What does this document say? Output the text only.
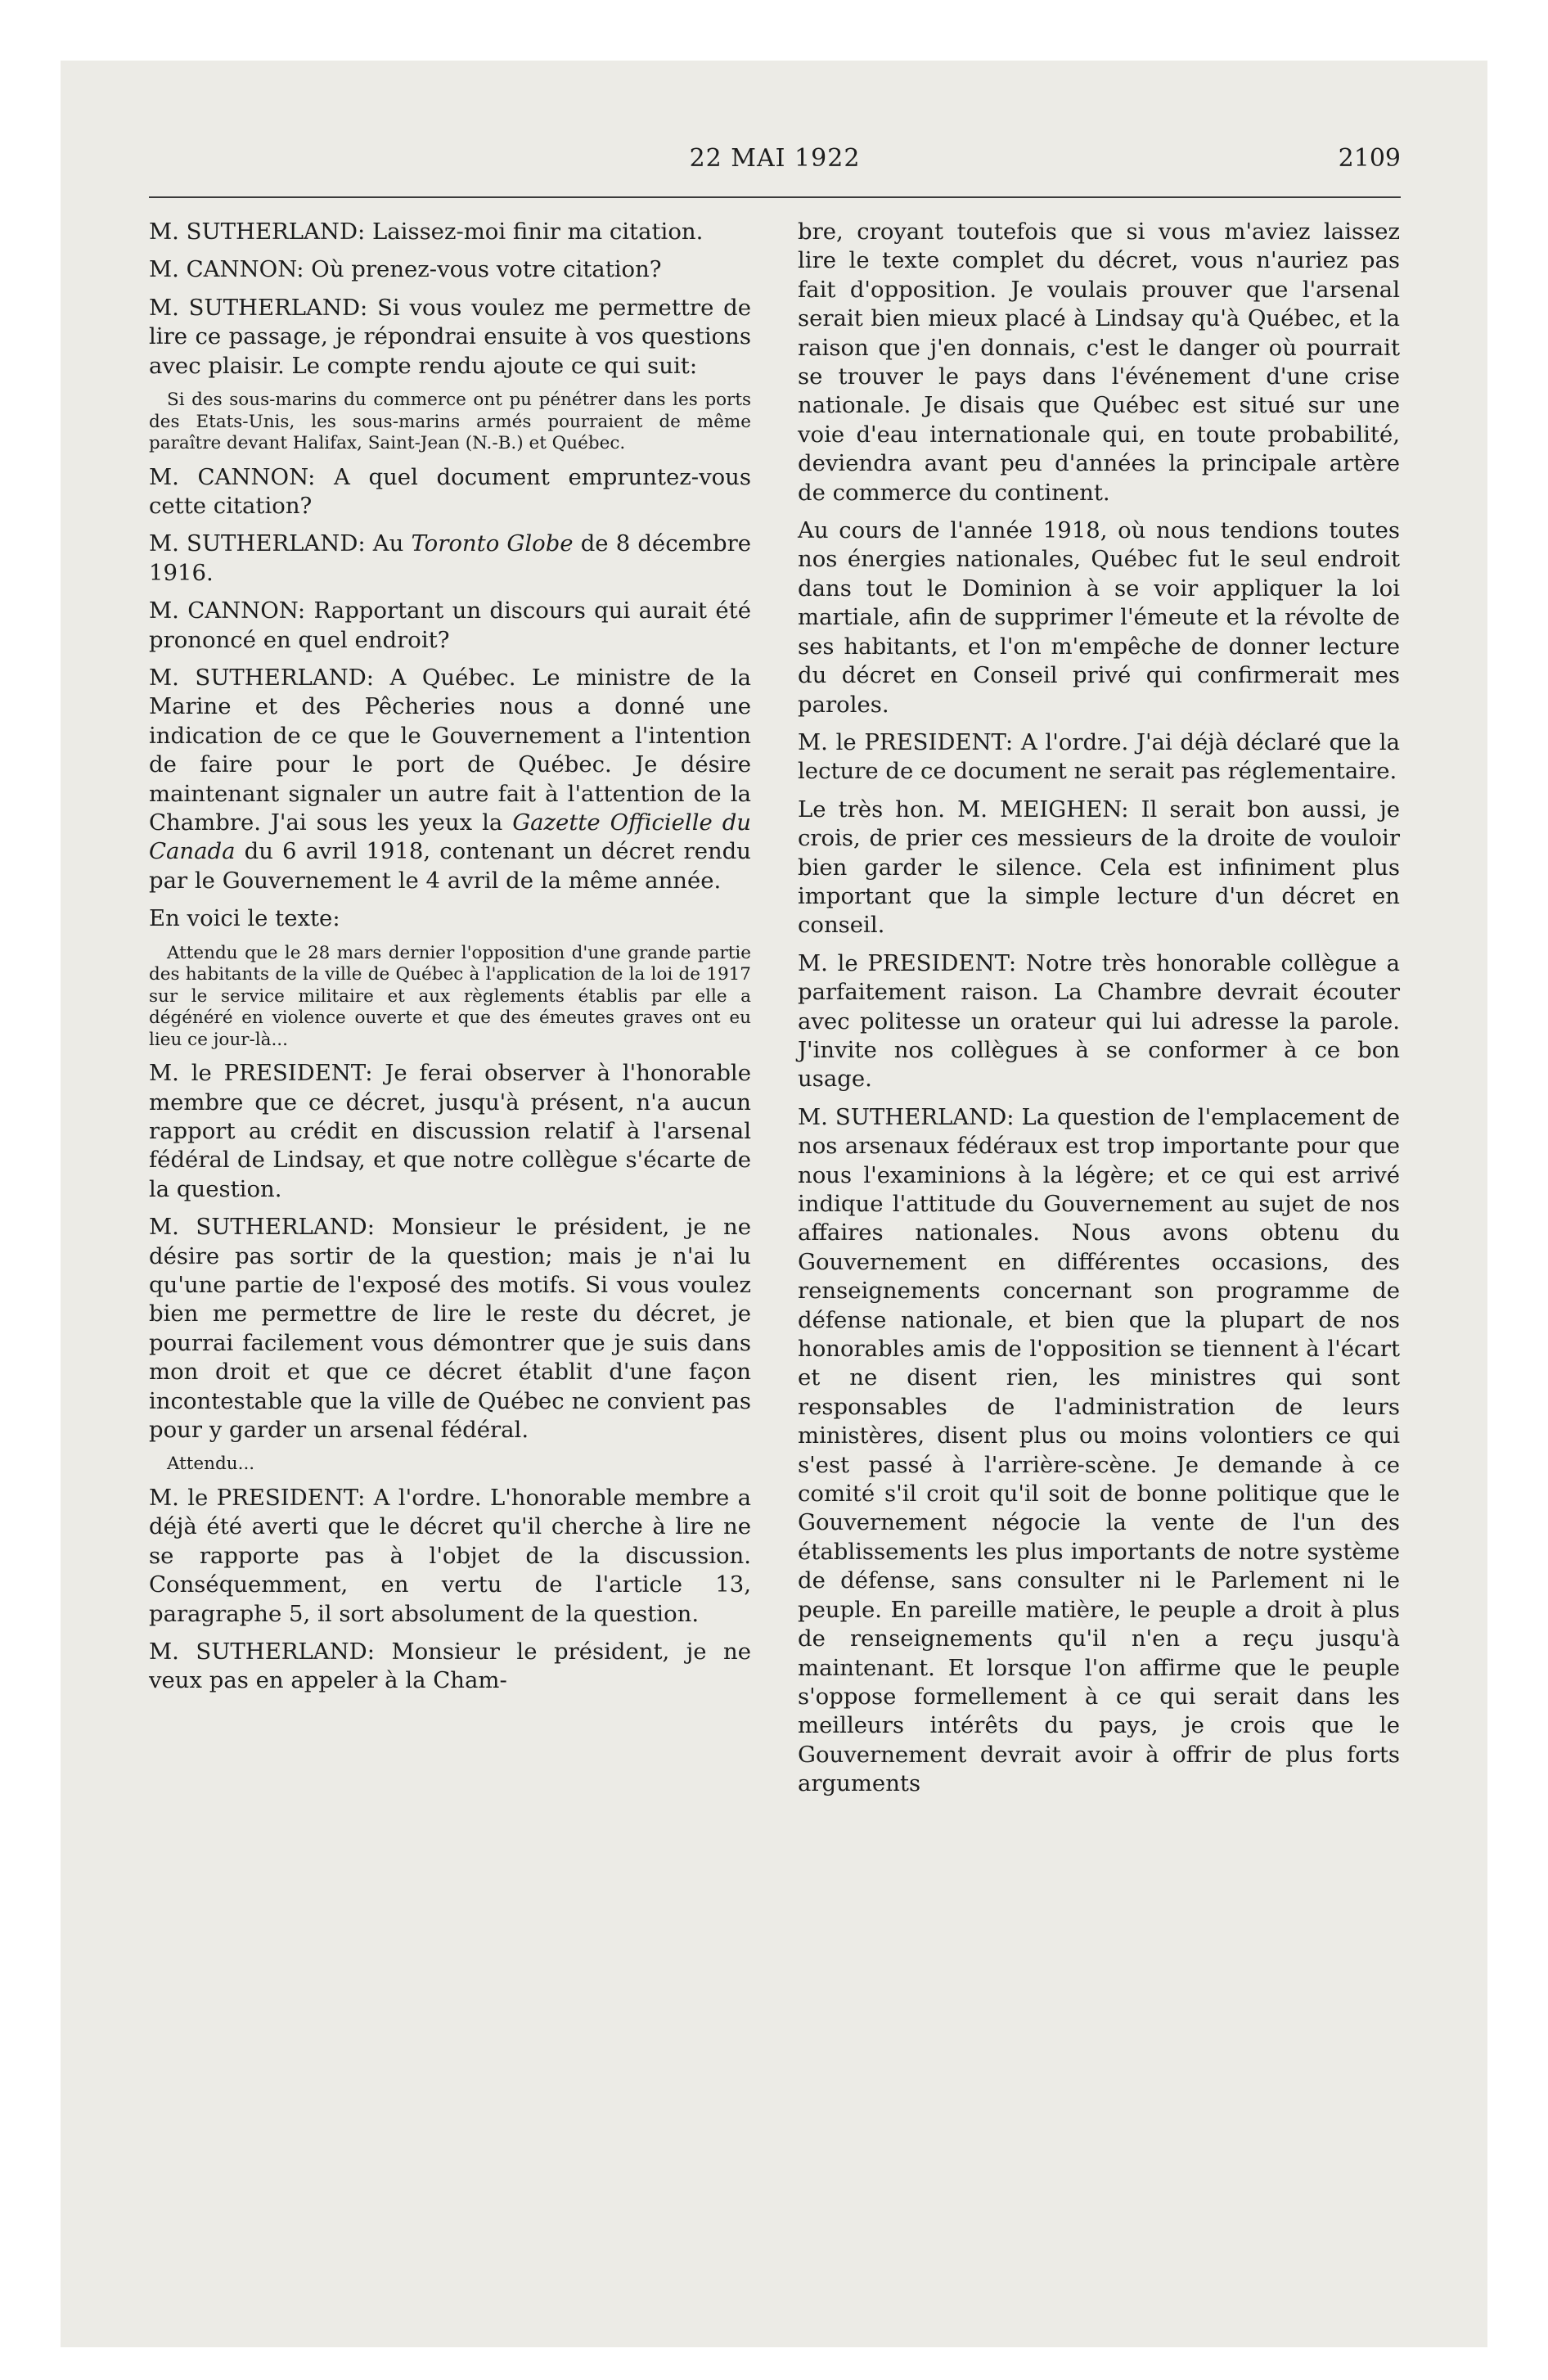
22 MAI 1922	2109

M. SUTHERLAND: Laissez-moi finir ma citation.

M. CANNON: Où prenez-vous votre citation?

M. SUTHERLAND: Si vous voulez me permettre de lire ce passage, je répondrai ensuite à vos questions avec plaisir. Le compte rendu ajoute ce qui suit:

Si des sous-marins du commerce ont pu pénétrer dans les ports des Etats-Unis, les sous-marins armés pourraient de même paraître devant Halifax, Saint-Jean (N.-B.) et Québec.

M. CANNON: A quel document empruntez-vous cette citation?

M. SUTHERLAND: Au Toronto Globe de 8 décembre 1916.

M. CANNON: Rapportant un discours qui aurait été prononcé en quel endroit?

M. SUTHERLAND: A Québec. Le ministre de la Marine et des Pêcheries nous a donné une indication de ce que le Gouvernement a l'intention de faire pour le port de Québec. Je désire maintenant signaler un autre fait à l'attention de la Chambre. J'ai sous les yeux la Gazette Officielle du Canada du 6 avril 1918, contenant un décret rendu par le Gouvernement le 4 avril de la même année.

En voici le texte:

Attendu que le 28 mars dernier l'opposition d'une grande partie des habitants de la ville de Québec à l'application de la loi de 1917 sur le service militaire et aux règlements établis par elle a dégénéré en violence ouverte et que des émeutes graves ont eu lieu ce jour-là...

M. le PRESIDENT: Je ferai observer à l'honorable membre que ce décret, jusqu'à présent, n'a aucun rapport au crédit en discussion relatif à l'arsenal fédéral de Lindsay, et que notre collègue s'écarte de la question.

M. SUTHERLAND: Monsieur le président, je ne désire pas sortir de la question; mais je n'ai lu qu'une partie de l'exposé des motifs. Si vous voulez bien me permettre de lire le reste du décret, je pourrai facilement vous démontrer que je suis dans mon droit et que ce décret établit d'une façon incontestable que la ville de Québec ne convient pas pour y garder un arsenal fédéral.

Attendu...

M. le PRESIDENT: A l'ordre. L'honorable membre a déjà été averti que le décret qu'il cherche à lire ne se rapporte pas à l'objet de la discussion. Conséquemment, en vertu de l'article 13, paragraphe 5, il sort absolument de la question.

M. SUTHERLAND: Monsieur le président, je ne veux pas en appeler à la Cham-

bre, croyant toutefois que si vous m'aviez laissez lire le texte complet du décret, vous n'auriez pas fait d'opposition. Je voulais prouver que l'arsenal serait bien mieux placé à Lindsay qu'à Québec, et la raison que j'en donnais, c'est le danger où pourrait se trouver le pays dans l'événement d'une crise nationale. Je disais que Québec est situé sur une voie d'eau internationale qui, en toute probabilité, deviendra avant peu d'années la principale artère de commerce du continent.

Au cours de l'année 1918, où nous tendions toutes nos énergies nationales, Québec fut le seul endroit dans tout le Dominion à se voir appliquer la loi martiale, afin de supprimer l'émeute et la révolte de ses habitants, et l'on m'empêche de donner lecture du décret en Conseil privé qui confirmerait mes paroles.

M. le PRESIDENT: A l'ordre. J'ai déjà déclaré que la lecture de ce document ne serait pas réglementaire.

Le très hon. M. MEIGHEN: Il serait bon aussi, je crois, de prier ces messieurs de la droite de vouloir bien garder le silence. Cela est infiniment plus important que la simple lecture d'un décret en conseil.

M. le PRESIDENT: Notre très honorable collègue a parfaitement raison. La Chambre devrait écouter avec politesse un orateur qui lui adresse la parole. J'invite nos collègues à se conformer à ce bon usage.

M. SUTHERLAND: La question de l'emplacement de nos arsenaux fédéraux est trop importante pour que nous l'examinions à la légère; et ce qui est arrivé indique l'attitude du Gouvernement au sujet de nos affaires nationales. Nous avons obtenu du Gouvernement en différentes occasions, des renseignements concernant son programme de défense nationale, et bien que la plupart de nos honorables amis de l'opposition se tiennent à l'écart et ne disent rien, les ministres qui sont responsables de l'administration de leurs ministères, disent plus ou moins volontiers ce qui s'est passé à l'arrière-scène. Je demande à ce comité s'il croit qu'il soit de bonne politique que le Gouvernement négocie la vente de l'un des établissements les plus importants de notre système de défense, sans consulter ni le Parlement ni le peuple. En pareille matière, le peuple a droit à plus de renseignements qu'il n'en a reçu jusqu'à maintenant. Et lorsque l'on affirme que le peuple s'oppose formellement à ce qui serait dans les meilleurs intérêts du pays, je crois que le Gouvernement devrait avoir à offrir de plus forts arguments
